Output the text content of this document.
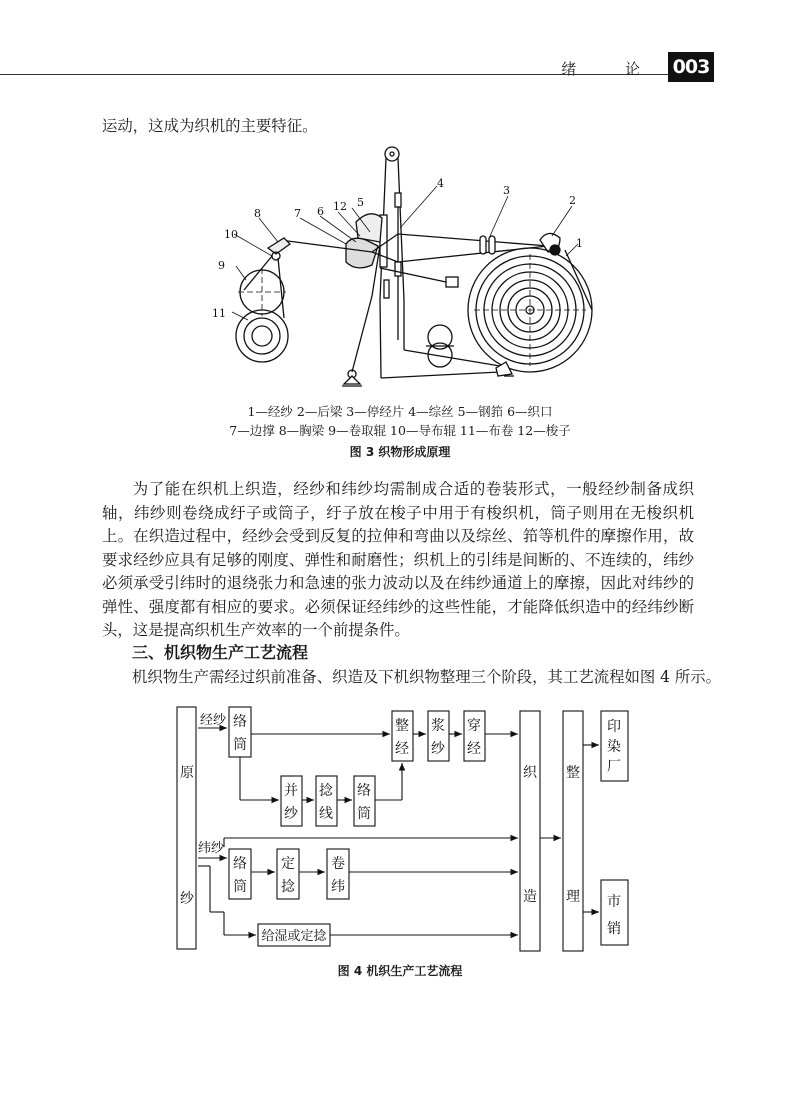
绪 论 003
运动，这成为织机的主要特征。
1
2
3
4
5
6
7
8
9
10
11
12
1—经纱 2—后梁 3—停经片 4—综丝 5—钢筘 6—织口
7—边撑 8—胸梁 9—卷取辊 10—导布辊 11—布卷 12—梭子
图 3 织物形成原理
为了能在织机上织造，经纱和纬纱均需制成合适的卷装形式，一般经纱制备成织轴，纬纱则卷绕成纡子或筒子，纡子放在梭子中用于有梭织机，筒子则用在无梭织机上。在织造过程中，经纱会受到反复的拉伸和弯曲以及综丝、筘等机件的摩擦作用，故要求经纱应具有足够的刚度、弹性和耐磨性；织机上的引纬是间断的、不连续的，纬纱必须承受引纬时的退绕张力和急速的张力波动以及在纬纱通道上的摩擦，因此对纬纱的弹性、强度都有相应的要求。必须保证经纬纱的这些性能，才能降低织造中的经纬纱断头，这是提高织机生产效率的一个前提条件。
三、机织物生产工艺流程
机织物生产需经过织前准备、织造及下机织物整理三个阶段，其工艺流程如图 4 所示。
原
纱
经纱
纬纱
络
筒
并
纱
捻
线
络
筒
整
经
浆
纱
穿
经
织
造
整
理
络
筒
定
捻
卷
纬
给湿或定捻
印
染
厂
市
销
图 4 机织生产工艺流程
